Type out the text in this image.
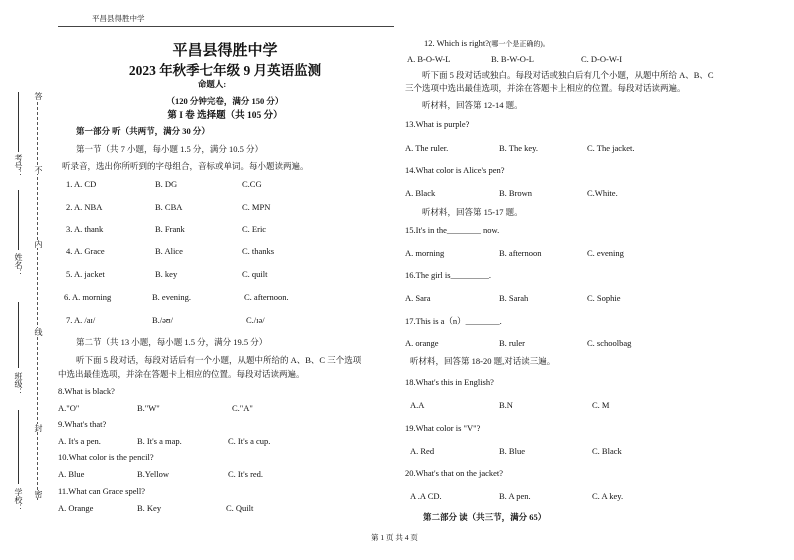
平昌县得胜中学
答
不
内
线
封
密
考号：
姓名：
班级：
学校：
平昌县得胜中学
2023 年秋季七年级 9 月英语监测
命题人:
（120 分钟完卷，满分 150 分）
第 I 卷 选择题（共 105 分）
第一部分 听（共两节，满分 30 分）
第一节（共 7 小题，每小题 1.5 分，满分 10.5 分）
听录音，选出你所听到的字母组合，音标或单词。每小题读两遍。
1. A. CD	B. DG	C.CG
2. A. NBA	B. CBA	C. MPN
3. A. thank	B. Frank	C. Eric
4. A. Grace	B. Alice	C. thanks
5. A. jacket	B. key	C. quilt
6. A. morning	B. evening.	C. afternoon.
7. A. /aɪ/	B./əʊ/	C./ɪə/
第二节（共 13 小题，每小题 1.5 分，满分 19.5 分）
听下面 5 段对话，每段对话后有一个小题，从题中所给的 A、B、C 三个选项
中选出最佳选项，并涂在答题卡上相应的位置。每段对话读两遍。
8.What is black?
A."O"	B."W"	C."A"
9.What's that?
A. It's a pen.	B. It's a map.	C. It's a cup.
10.What color is the pencil?
A. Blue	B.Yellow	C. It's red.
11.What can Grace spell?
A. Orange	B. Key	C. Quilt
12. Which is right?(哪一个是正确的)。
A. B-O-W-L	B. B-W-O-L	C. D-O-W-I
听下面 5 段对话或独白。每段对话或独白后有几个小题，从题中所给 A、B、C
三个选项中选出最佳选项，并涂在答题卡上相应的位置。每段对话读两遍。
听材料，回答第 12-14 题。
13.What is purple?
A. The ruler.	B. The key.	C. The jacket.
14.What color is Alice's pen?
A. Black	B. Brown	C.White.
听材料，回答第 15-17 题。
15.It's in the________ now.
A. morning	B. afternoon	C. evening
16.The girl is_________.
A. Sara	B. Sarah	C. Sophie
17.This is a（n）________.
A. orange	B. ruler	C. schoolbag
听材料，回答第 18-20 题,对话读三遍。
18.What's this in English?
A.A	B.N	C. M
19.What color is "V"?
A. Red	B. Blue	C. Black
20.What's that on the jacket?
A .A CD.	B. A pen.	C. A key.
第二部分 读（共三节，满分 65）
第 1 页 共 4 页
